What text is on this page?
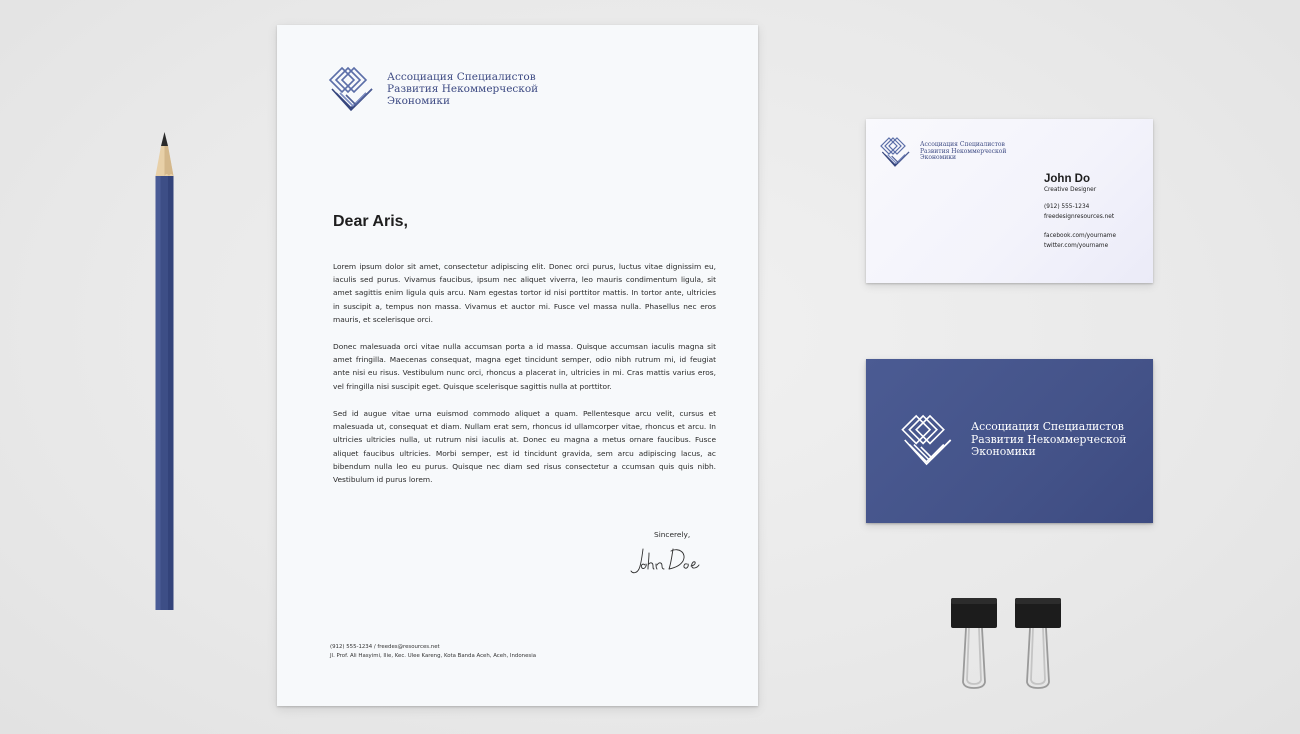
Ассоциация Специалистов
Развития Некоммерческой
Экономики
Dear Aris,

Lorem ipsum dolor sit amet, consectetur adipiscing elit. Donec orci purus, luctus vitae dignissim eu, iaculis sed purus. Vivamus faucibus, ipsum nec aliquet viverra, leo mauris condimentum ligula, sit amet sagittis enim ligula quis arcu. Nam egestas tortor id nisi porttitor mattis. In tortor ante, ultricies in suscipit a, tempus non massa. Vivamus et auctor mi. Fusce vel massa nulla. Phasellus nec eros mauris, et scelerisque orci.

Donec malesuada orci vitae nulla accumsan porta a id massa. Quisque accumsan iaculis magna sit amet fringilla. Maecenas consequat, magna eget tincidunt semper, odio nibh rutrum mi, id feugiat ante nisi eu risus. Vestibulum nunc orci, rhoncus a placerat in, ultricies in mi. Cras mattis varius eros, vel fringilla nisi suscipit eget. Quisque scelerisque sagittis nulla at porttitor.

Sed id augue vitae urna euismod commodo aliquet a quam. Pellentesque arcu velit, cursus et malesuada ut, consequat et diam. Nullam erat sem, rhoncus id ullamcorper vitae, rhoncus et arcu. In ultricies ultricies nulla, ut rutrum nisi iaculis at. Donec eu magna a metus ornare faucibus. Fusce aliquet faucibus ultricies. Morbi semper, est id tincidunt gravida, sem arcu adipiscing lacus, ac bibendum nulla leo eu purus. Quisque nec diam sed risus consectetur a ccumsan quis quis nibh. Vestibulum id purus lorem.

Sincerely,
(912) 555-1234 / freedes@resources.net
Jl. Prof. Ali Hasyimi, Ilie, Kec. Ulee Kareng, Kota Banda Aceh, Aceh, Indonesia
Ассоциация Специалистов
Развития Некоммерческой
Экономики
John Do
Creative Designer
(912) 555-1234
freedesignresources.net
facebook.com/yourname
twitter.com/yourname
Ассоциация Специалистов
Развития Некоммерческой
Экономики
